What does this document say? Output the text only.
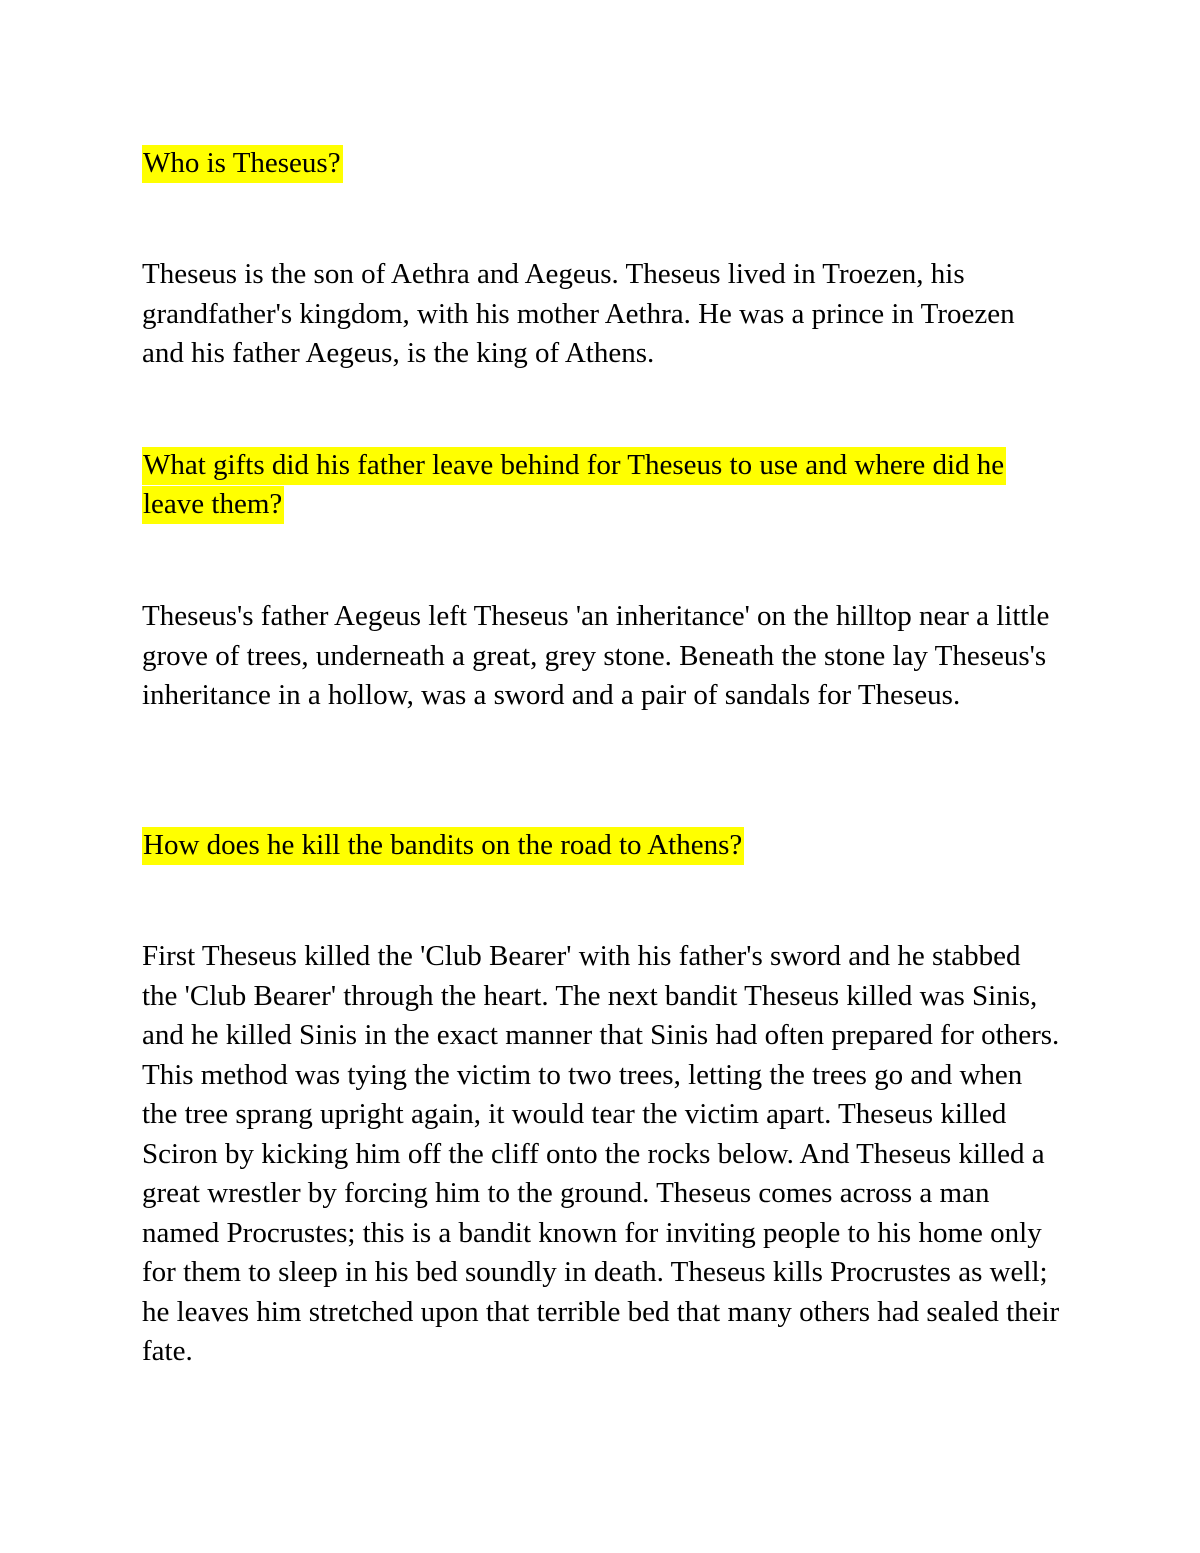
Who is Theseus?

Theseus is the son of Aethra and Aegeus. Theseus lived in Troezen, his grandfather's kingdom, with his mother Aethra. He was a prince in Troezen and his father Aegeus, is the king of Athens.

What gifts did his father leave behind for Theseus to use and where did he leave them?

Theseus's father Aegeus left Theseus 'an inheritance' on the hilltop near a little grove of trees, underneath a great, grey stone. Beneath the stone lay Theseus's inheritance in a hollow, was a sword and a pair of sandals for Theseus.

How does he kill the bandits on the road to Athens?

First Theseus killed the 'Club Bearer' with his father's sword and he stabbed the 'Club Bearer' through the heart. The next bandit Theseus killed was Sinis, and he killed Sinis in the exact manner that Sinis had often prepared for others. This method was tying the victim to two trees, letting the trees go and when the tree sprang upright again, it would tear the victim apart. Theseus killed Sciron by kicking him off the cliff onto the rocks below. And Theseus killed a great wrestler by forcing him to the ground. Theseus comes across a man named Procrustes; this is a bandit known for inviting people to his home only for them to sleep in his bed soundly in death. Theseus kills Procrustes as well; he leaves him stretched upon that terrible bed that many others had sealed their fate.
